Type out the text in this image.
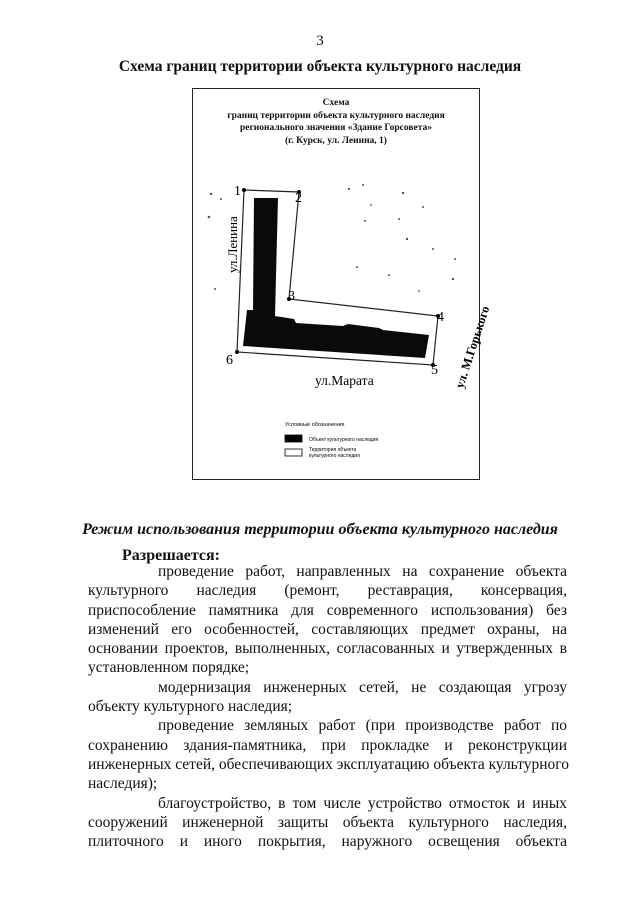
3
Схема границ территории объекта культурного наследия
Схема
границ территории объекта культурного наследия
регионального значения «Здание Горсовета»
(г. Курск, ул. Ленина, 1)
1	2
3
4
5
6
ул.Ленина
ул.Марата	ул. М.Горького
Условные обозначения
Объект культурного наследия
Территория объекта культурного наследия
Режим использования территории объекта культурного наследия
Разрешается:
проведение работ, направленных на сохранение объекта
культурного наследия (ремонт, реставрация, консервация,
приспособление памятника для современного использования) без
изменений его особенностей, составляющих предмет охраны, на
основании проектов, выполненных, согласованных и утвержденных в
установленном порядке;
модернизация инженерных сетей, не создающая угрозу
объекту культурного наследия;
проведение земляных работ (при производстве работ по
сохранению здания-памятника, при прокладке и реконструкции
инженерных сетей, обеспечивающих эксплуатацию объекта культурного
наследия);
благоустройство, в том числе устройство отмосток и иных
сооружений инженерной защиты объекта культурного наследия,
плиточного и иного покрытия, наружного освещения объекта
